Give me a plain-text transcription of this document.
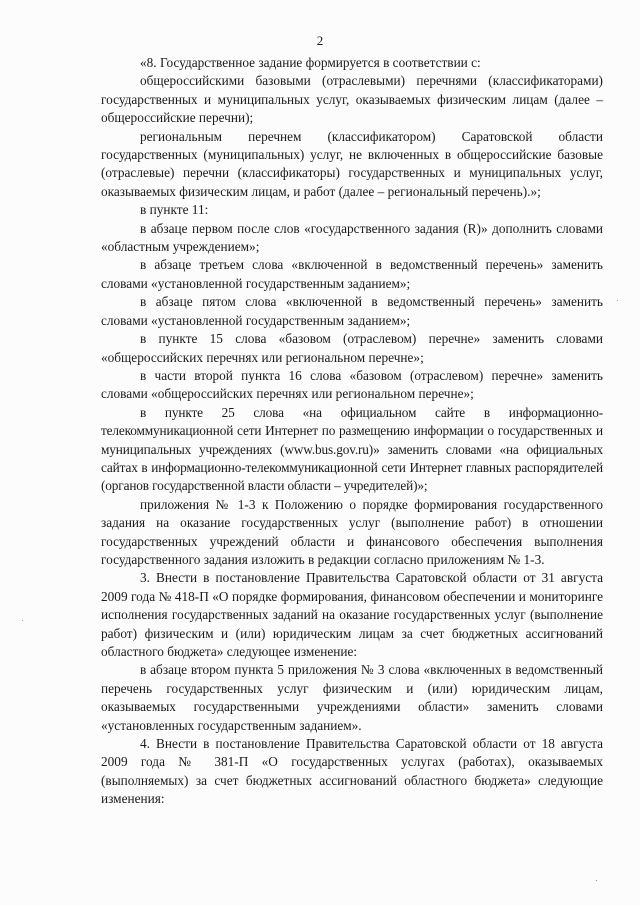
2

«8. Государственное задание формируется в соответствии с:

общероссийскими базовыми (отраслевыми) перечнями (классификаторами) государственных и муниципальных услуг, оказываемых физическим лицам (далее – общероссийские перечни);

региональным перечнем (классификатором) Саратовской области государственных (муниципальных) услуг, не включенных в общероссийские базовые (отраслевые) перечни (классификаторы) государственных и муниципальных услуг, оказываемых физическим лицам, и работ (далее – региональный перечень).»;

в пункте 11:

в абзаце первом после слов «государственного задания (R)» дополнить словами «областным учреждением»;

в абзаце третьем слова «включенной в ведомственный перечень» заменить словами «установленной государственным заданием»;

в абзаце пятом слова «включенной в ведомственный перечень» заменить словами «установленной государственным заданием»;

в пункте 15 слова «базовом (отраслевом) перечне» заменить словами «общероссийских перечнях или региональном перечне»;

в части второй пункта 16 слова «базовом (отраслевом) перечне» заменить словами «общероссийских перечнях или региональном перечне»;

в пункте 25 слова «на официальном сайте в информационно-телекоммуникационной сети Интернет по размещению информации о государственных и муниципальных учреждениях (www.bus.gov.ru)» заменить словами «на официальных сайтах в информационно-телекоммуникационной сети Интернет главных распорядителей (органов государственной власти области – учредителей)»;

приложения № 1-3 к Положению о порядке формирования государственного задания на оказание государственных услуг (выполнение работ) в отношении государственных учреждений области и финансового обеспечения выполнения государственного задания изложить в редакции согласно приложениям № 1-3.

3. Внести в постановление Правительства Саратовской области от 31 августа 2009 года № 418-П «О порядке формирования, финансовом обеспечении и мониторинге исполнения государственных заданий на оказание государственных услуг (выполнение работ) физическим и (или) юридическим лицам за счет бюджетных ассигнований областного бюджета» следующее изменение:

в абзаце втором пункта 5 приложения № 3 слова «включенных в ведомственный перечень государственных услуг физическим и (или) юридическим лицам, оказываемых государственными учреждениями области» заменить словами «установленных государственным заданием».

4. Внести в постановление Правительства Саратовской области от 18 августа 2009 года № 381-П «О государственных услугах (работах), оказываемых (выполняемых) за счет бюджетных ассигнований областного бюджета» следующие изменения:
